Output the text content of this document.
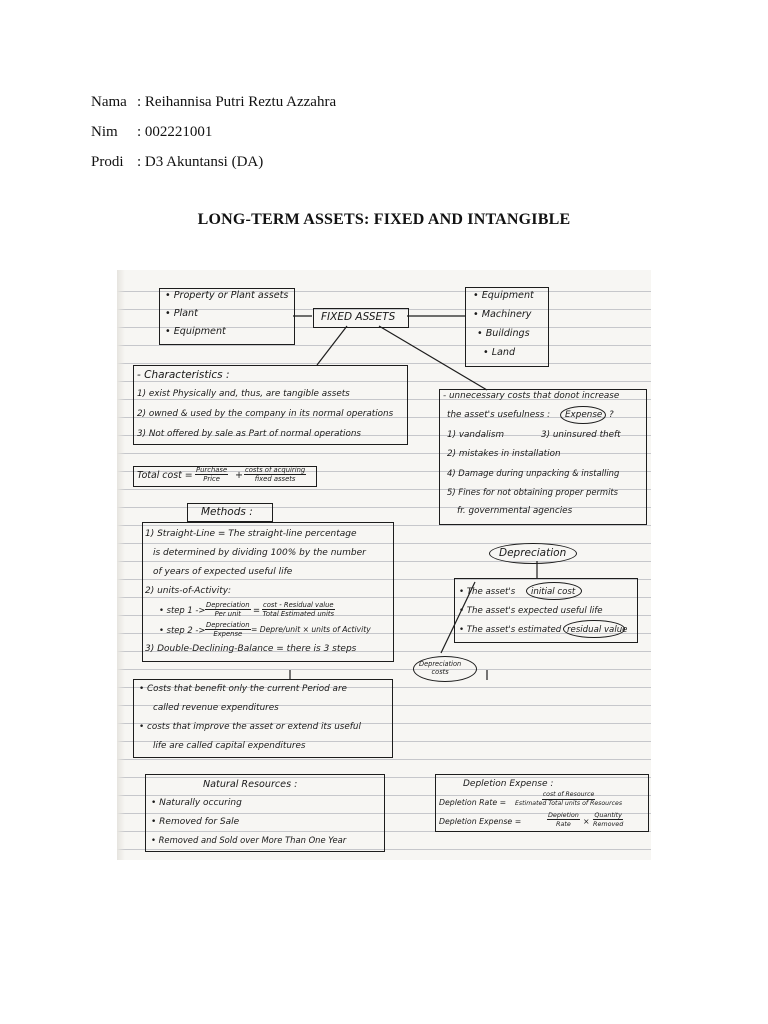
Nama : Reihannisa Putri Reztu Azzahra
Nim : 002221001
Prodi : D3 Akuntansi (DA)
LONG-TERM ASSETS: FIXED AND INTANGIBLE
• Property or Plant assets
• Plant
• Equipment
FIXED ASSETS
• Equipment
• Machinery
• Buildings
• Land
- Characteristics :
1) exist Physically and, thus, are tangible assets
2) owned & used by the company in its normal operations
3) Not offered by sale as Part of normal operations
- unnecessary costs that donot increase
the asset's usefulness : Expense ?
1) vandalism	3) uninsured theft
2) mistakes in installation
4) Damage during unpacking & installing
5) Fines for not obtaining proper permits
fr. governmental agencies
Total cost = Purchase
Price + costs of acquiring
fixed assets
Methods :
1) Straight-Line = The straight-line percentage
is determined by dividing 100% by the number
of years of expected useful life
2) units-of-Activity:
• step 1 -> Depreciation
Per unit = cost - Residual value
Total Estimated units
• step 2 -> Depreciation
Expense = Depre/unit × units of Activity
3) Double-Declining-Balance = there is 3 steps
Depreciation
• The asset's initial cost
• The asset's expected useful life
• The asset's estimated residual value
Depreciation
costs
• Costs that benefit only the current Period are
called revenue expenditures
• costs that improve the asset or extend its useful
life are called capital expenditures
Natural Resources :
• Naturally occuring
• Removed for Sale
• Removed and Sold over More Than One Year
Depletion Expense :
Depletion Rate =
cost of Resource
Estimated Total units of Resources
Depletion Expense =
Depletion
Rate ×
Quantity
Removed
